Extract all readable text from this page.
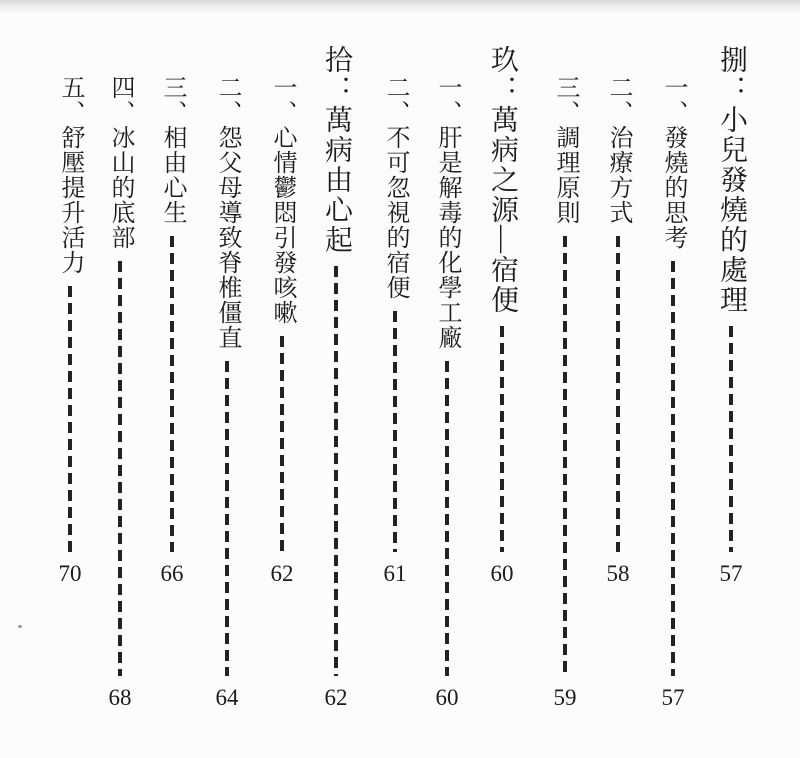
捌：小兒發燒的處理
57
一、發燒的思考
57
二、治療方式
58
三、調理原則
59
玖：萬病之源—宿便
60
一、肝是解毒的化學工廠
60
二、不可忽視的宿便
61
拾：萬病由心起
62
一、心情鬱悶引發咳嗽
62
二、怨父母導致脊椎僵直
64
三、相由心生
66
四、冰山的底部
68
五、舒壓提升活力
70
